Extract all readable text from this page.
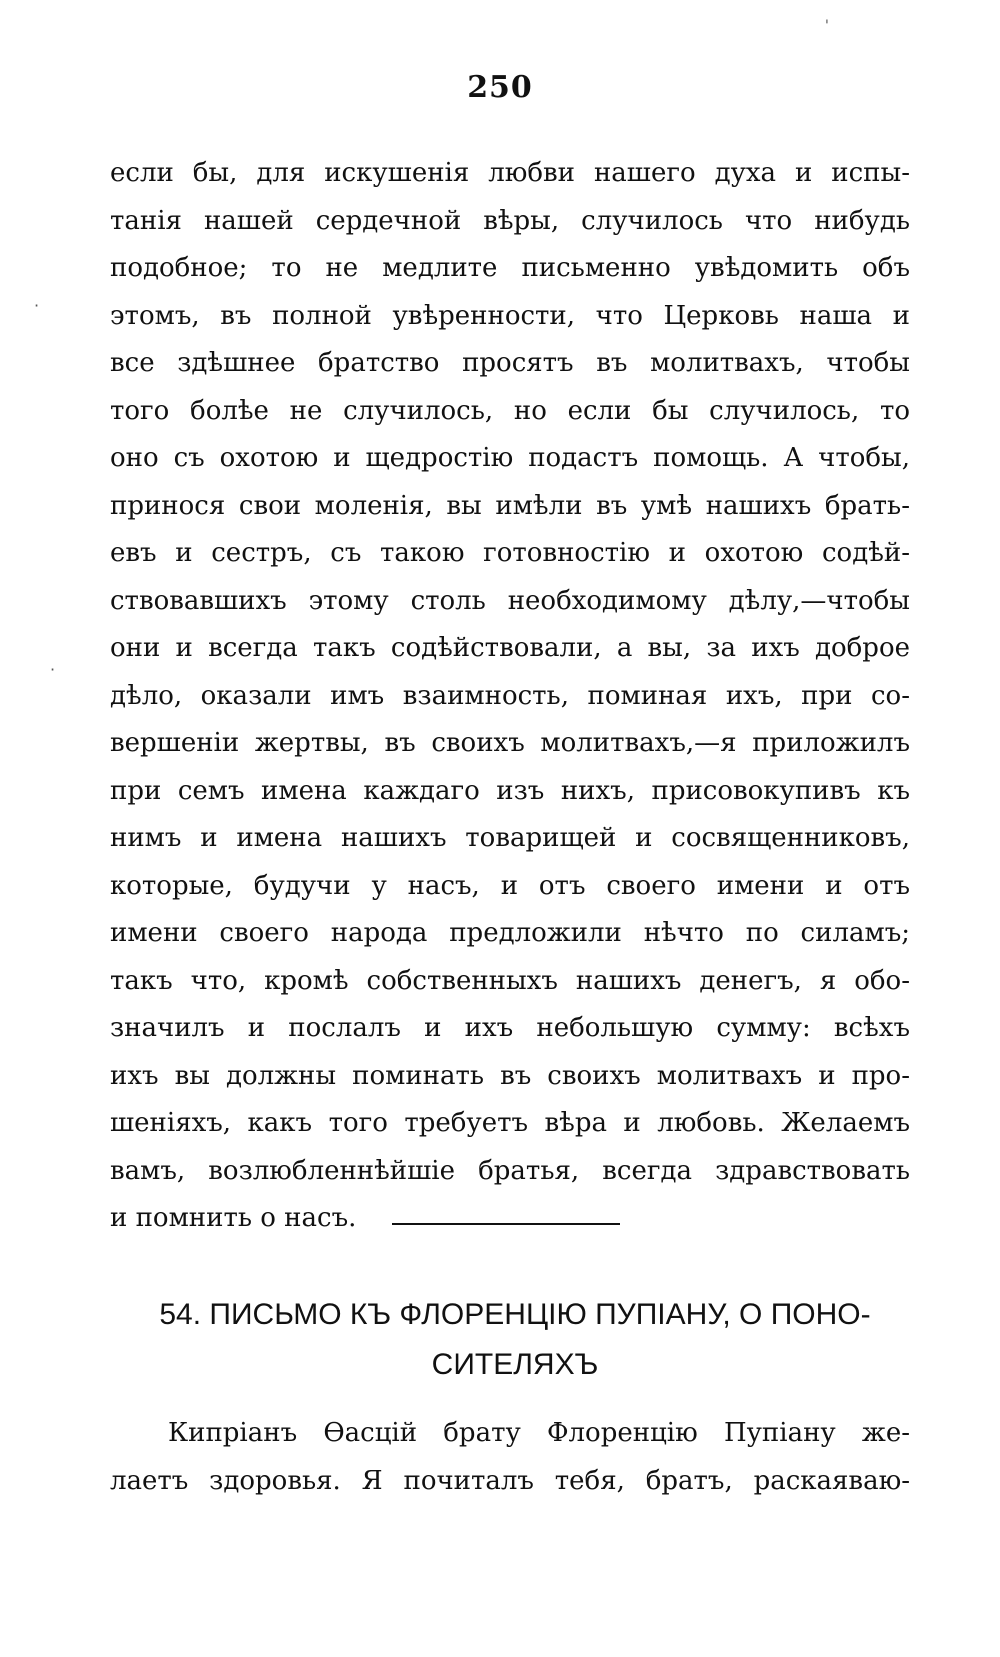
250
если бы, для искушенія любви нашего духа и испы-
танія нашей сердечной вѣры, случилось что нибудь
подобное; то не медлите письменно увѣдомить объ
этомъ, въ полной увѣренности, что Церковь наша и
все здѣшнее братство просятъ въ молитвахъ, чтобы
того болѣе не случилось, но если бы случилось, то
оно съ охотою и щедростію подастъ помощь. А чтобы,
принося свои моленія, вы имѣли въ умѣ нашихъ брать-
евъ и сестръ, съ такою готовностію и охотою содѣй-
ствовавшихъ этому столь необходимому дѣлу,—чтобы
они и всегда такъ содѣйствовали, а вы, за ихъ доброе
дѣло, оказали имъ взаимность, поминая ихъ, при со-
вершеніи жертвы, въ своихъ молитвахъ,—я приложилъ
при семъ имена каждаго изъ нихъ, присовокупивъ къ
нимъ и имена нашихъ товарищей и сосвященниковъ,
которые, будучи у насъ, и отъ своего имени и отъ
имени своего народа предложили нѣчто по силамъ;
такъ что, кромѣ собственныхъ нашихъ денегъ, я обо-
значилъ и послалъ и ихъ небольшую сумму: всѣхъ
ихъ вы должны поминать въ своихъ молитвахъ и про-
шеніяхъ, какъ того требуетъ вѣра и любовь. Желаемъ
вамъ, возлюбленнѣйшіе братья, всегда здравствовать
и помнить о насъ.
54. ПИСЬМО КЪ ФЛОРЕНЦІЮ ПУПІАНУ, О ПОНО-
СИТЕЛЯХЪ
Кипріанъ Ѳасцій брату Флоренцію Пупіану же-
лаетъ здоровья. Я почиталъ тебя, братъ, раскаяваю-
'
·
·
